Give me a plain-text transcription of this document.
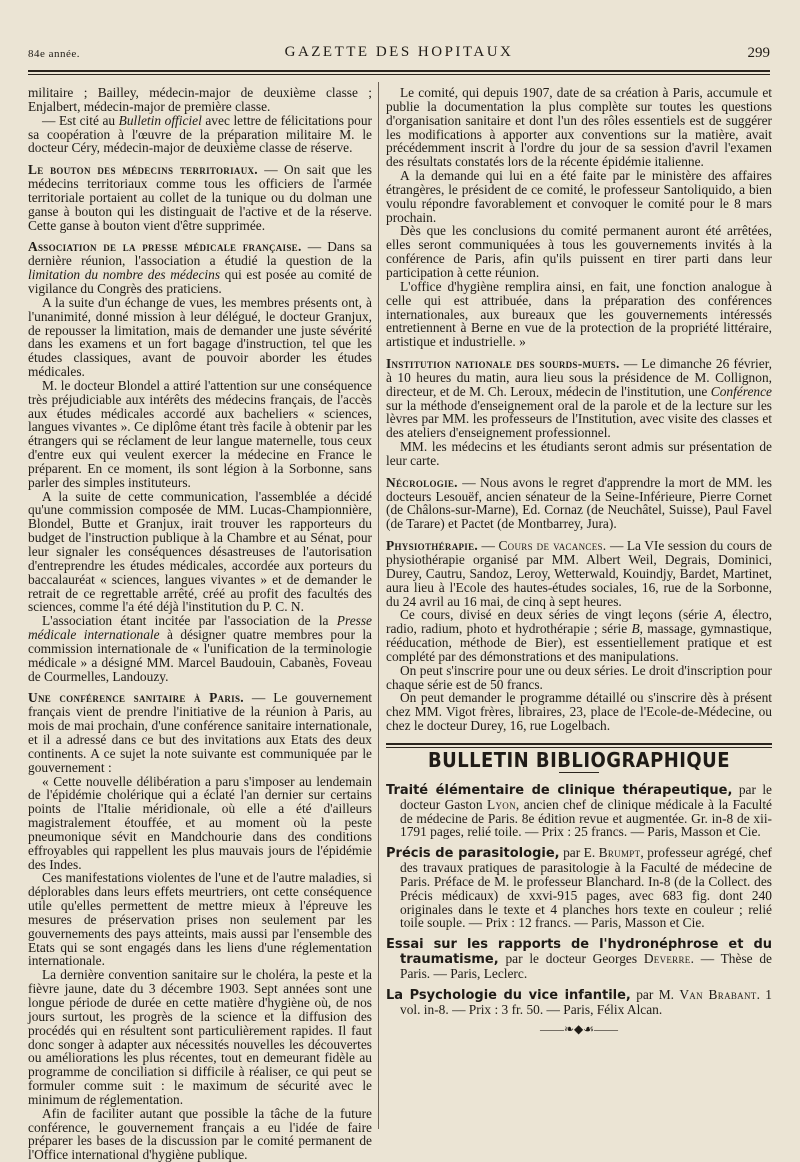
84e année.	GAZETTE DES HOPITAUX	299

militaire ; Bailley, médecin-major de deuxième classe ; Enjalbert, médecin-major de première classe.

— Est cité au Bulletin officiel avec lettre de félicitations pour sa coopération à l'œuvre de la préparation militaire M. le docteur Céry, médecin-major de deuxième classe de réserve.

Le bouton des médecins territoriaux. — On sait que les médecins territoriaux comme tous les officiers de l'armée territoriale portaient au collet de la tunique ou du dolman une ganse à bouton qui les distinguait de l'active et de la réserve. Cette ganse à bouton vient d'être supprimée.

Association de la presse médicale française. — Dans sa dernière réunion, l'association a étudié la question de la limitation du nombre des médecins qui est posée au comité de vigilance du Congrès des praticiens.

A la suite d'un échange de vues, les membres présents ont, à l'unanimité, donné mission à leur délégué, le docteur Granjux, de repousser la limitation, mais de demander une juste sévérité dans les examens et un fort bagage d'instruction, tel que les études classiques, avant de pouvoir aborder les études médicales.

M. le docteur Blondel a attiré l'attention sur une conséquence très préjudiciable aux intérêts des médecins français, de l'accès aux études médicales accordé aux bacheliers « sciences, langues vivantes ». Ce diplôme étant très facile à obtenir par les étrangers qui se réclament de leur langue maternelle, tous ceux d'entre eux qui veulent exercer la médecine en France le préparent. En ce moment, ils sont légion à la Sorbonne, sans parler des simples instituteurs.

A la suite de cette communication, l'assemblée a décidé qu'une commission composée de MM. Lucas-Championnière, Blondel, Butte et Granjux, irait trouver les rapporteurs du budget de l'instruction publique à la Chambre et au Sénat, pour leur signaler les conséquences désastreuses de l'autorisation d'entreprendre les études médicales, accordée aux porteurs du baccalauréat « sciences, langues vivantes » et de demander le retrait de ce regrettable arrêté, créé au profit des facultés des sciences, comme l'a été déjà l'institution du P. C. N.

L'association étant incitée par l'association de la Presse médicale internationale à désigner quatre membres pour la commission internationale de « l'unification de la terminologie médicale » a désigné MM. Marcel Baudouin, Cabanès, Foveau de Courmelles, Landouzy.

Une conférence sanitaire à Paris. — Le gouvernement français vient de prendre l'initiative de la réunion à Paris, au mois de mai prochain, d'une conférence sanitaire internationale, et il a adressé dans ce but des invitations aux Etats des deux continents. A ce sujet la note suivante est communiquée par le gouvernement :

« Cette nouvelle délibération a paru s'imposer au lendemain de l'épidémie cholérique qui a éclaté l'an dernier sur certains points de l'Italie méridionale, où elle a été d'ailleurs magistralement étouffée, et au moment où la peste pneumonique sévit en Mandchourie dans des conditions effroyables qui rappellent les plus mauvais jours de l'épidémie des Indes.

Ces manifestations violentes de l'une et de l'autre maladies, si déplorables dans leurs effets meurtriers, ont cette conséquence utile qu'elles permettent de mettre mieux à l'épreuve les mesures de préservation prises non seulement par les gouvernements des pays atteints, mais aussi par l'ensemble des Etats qui se sont engagés dans les liens d'une réglementation internationale.

La dernière convention sanitaire sur le choléra, la peste et la fièvre jaune, date du 3 décembre 1903. Sept années sont une longue période de durée en cette matière d'hygiène où, de nos jours surtout, les progrès de la science et la diffusion des procédés qui en résultent sont particulièrement rapides. Il faut donc songer à adapter aux nécessités nouvelles les découvertes ou améliorations les plus récentes, tout en demeurant fidèle au programme de conciliation si difficile à réaliser, ce qui peut se formuler comme suit : le maximum de sécurité avec le minimum de réglementation.

Afin de faciliter autant que possible la tâche de la future conférence, le gouvernement français a eu l'idée de faire préparer les bases de la discussion par le comité permanent de l'Office international d'hygiène publique.

Le comité, qui depuis 1907, date de sa création à Paris, accumule et publie la documentation la plus complète sur toutes les questions d'organisation sanitaire et dont l'un des rôles essentiels est de suggérer les modifications à apporter aux conventions sur la matière, avait précédemment inscrit à l'ordre du jour de sa session d'avril l'examen des résultats constatés lors de la récente épidémie italienne.

A la demande qui lui en a été faite par le ministère des affaires étrangères, le président de ce comité, le professeur Santoliquido, a bien voulu répondre favorablement et convoquer le comité pour le 8 mars prochain.

Dès que les conclusions du comité permanent auront été arrêtées, elles seront communiquées à tous les gouvernements invités à la conférence de Paris, afin qu'ils puissent en tirer parti dans leur participation à cette réunion.

L'office d'hygiène remplira ainsi, en fait, une fonction analogue à celle qui est attribuée, dans la préparation des conférences internationales, aux bureaux que les gouvernements intéressés entretiennent à Berne en vue de la protection de la propriété littéraire, artistique et industrielle. »

Institution nationale des sourds-muets. — Le dimanche 26 février, à 10 heures du matin, aura lieu sous la présidence de M. Collignon, directeur, et de M. Ch. Leroux, médecin de l'institution, une Conférence sur la méthode d'enseignement oral de la parole et de la lecture sur les lèvres par MM. les professeurs de l'Institution, avec visite des classes et des ateliers d'enseignement professionnel.

MM. les médecins et les étudiants seront admis sur présentation de leur carte.

Nécrologie. — Nous avons le regret d'apprendre la mort de MM. les docteurs Lesouëf, ancien sénateur de la Seine-Inférieure, Pierre Cornet (de Châlons-sur-Marne), Ed. Cornaz (de Neuchâtel, Suisse), Paul Favel (de Tarare) et Pactet (de Montbarrey, Jura).

Physiothérapie. — Cours de vacances. — La VIe session du cours de physiothérapie organisé par MM. Albert Weil, Degrais, Dominici, Durey, Cautru, Sandoz, Leroy, Wetterwald, Kouindjy, Bardet, Martinet, aura lieu à l'Ecole des hautes-études sociales, 16, rue de la Sorbonne, du 24 avril au 16 mai, de cinq à sept heures.

Ce cours, divisé en deux séries de vingt leçons (série A, électro, radio, radium, photo et hydrothérapie ; série B, massage, gymnastique, rééducation, méthode de Bier), est essentiellement pratique et est complété par des démonstrations et des manipulations.

On peut s'inscrire pour une ou deux séries. Le droit d'inscription pour chaque série est de 50 francs.

On peut demander le programme détaillé ou s'inscrire dès à présent chez MM. Vigot frères, libraires, 23, place de l'Ecole-de-Médecine, ou chez le docteur Durey, 16, rue Logelbach.

BULLETIN BIBLIOGRAPHIQUE

Traité élémentaire de clinique thérapeutique, par le docteur Gaston Lyon, ancien chef de clinique médicale à la Faculté de médecine de Paris. 8e édition revue et augmentée. Gr. in-8 de xii-1791 pages, relié toile. — Prix : 25 francs. — Paris, Masson et Cie.

Précis de parasitologie, par E. Brumpt, professeur agrégé, chef des travaux pratiques de parasitologie à la Faculté de médecine de Paris. Préface de M. le professeur Blanchard. In-8 (de la Collect. des Précis médicaux) de xxvi-915 pages, avec 683 fig. dont 240 originales dans le texte et 4 planches hors texte en couleur ; relié toile souple. — Prix : 12 francs. — Paris, Masson et Cie.

Essai sur les rapports de l'hydronéphrose et du traumatisme, par le docteur Georges Deverre. — Thèse de Paris. — Paris, Leclerc.

La Psychologie du vice infantile, par M. Van Brabant. 1 vol. in-8. — Prix : 3 fr. 50. — Paris, Félix Alcan.

——❧◆☙——
